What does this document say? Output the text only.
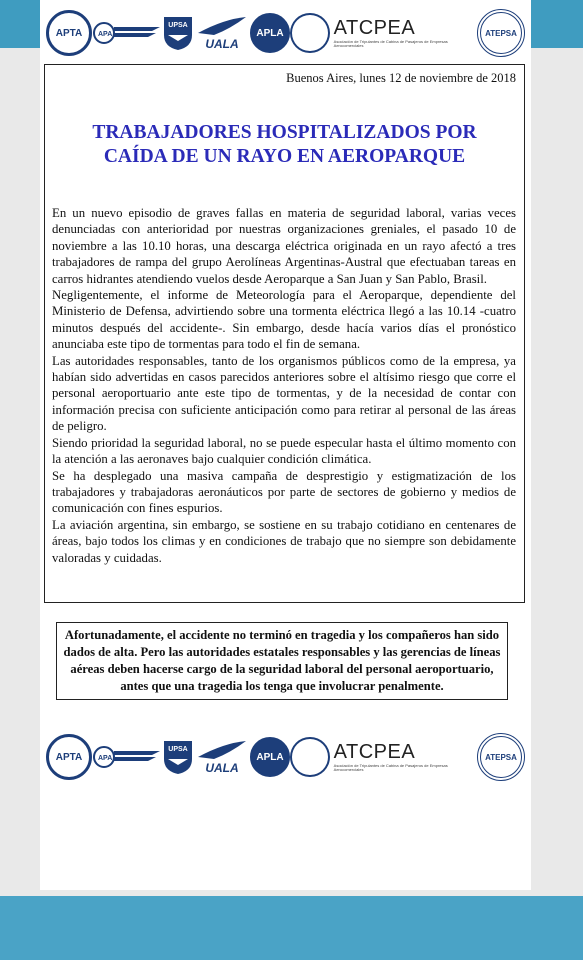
APTA APA
UPSA
UALA
APLA	ATCPEA
Asociación de Tripulantes de Cabina de Pasajeros de Empresas Aerocomerciales
ATEPSA
Buenos Aires, lunes 12 de noviembre de 2018
TRABAJADORES HOSPITALIZADOS POR
CAÍDA DE UN RAYO EN AEROPARQUE

En un nuevo episodio de graves fallas en materia de seguridad laboral, varias veces denunciadas con anterioridad por nuestras organizaciones greniales, el pasado 10 de noviembre a las 10.10 horas, una descarga eléctrica originada en un rayo afectó a tres trabajadores de rampa del grupo Aerolíneas Argentinas-Austral que efectuaban tareas en carros hidrantes atendiendo vuelos desde Aeroparque a San Juan y San Pablo, Brasil.

Negligentemente, el informe de Meteorología para el Aeroparque, dependiente del Ministerio de Defensa, advirtiendo sobre una tormenta eléctrica llegó a las 10.14 -cuatro minutos después del accidente-. Sin embargo, desde hacía varios días el pronóstico anunciaba este tipo de tormentas para todo el fin de semana.

Las autoridades responsables, tanto de los organismos públicos como de la empresa, ya habían sido advertidas en casos parecidos anteriores sobre el altísimo riesgo que corre el personal aeroportuario ante este tipo de tormentas, y de la necesidad de contar con información precisa con suficiente anticipación como para retirar al personal de las áreas de peligro.

Siendo prioridad la seguridad laboral, no se puede especular hasta el último momento con la atención a las aeronaves bajo cualquier condición climática.

Se ha desplegado una masiva campaña de desprestigio y estigmatización de los trabajadores y trabajadoras aeronáuticos por parte de sectores de gobierno y medios de comunicación con fines espurios.

La aviación argentina, sin embargo, se sostiene en su trabajo cotidiano en centenares de áreas, bajo todos los climas y en condiciones de trabajo que no siempre son debidamente valoradas y cuidadas.

Afortunadamente, el accidente no terminó en tragedia y los compañeros han sido dados de alta. Pero las autoridades estatales responsables y las gerencias de líneas aéreas deben hacerse cargo de la seguridad laboral del personal aeroportuario, antes que una tragedia los tenga que involucrar penalmente.
APTA APA
UPSA
UALA
APLA	ATCPEA
Asociación de Tripulantes de Cabina de Pasajeros de Empresas Aerocomerciales
ATEPSA
